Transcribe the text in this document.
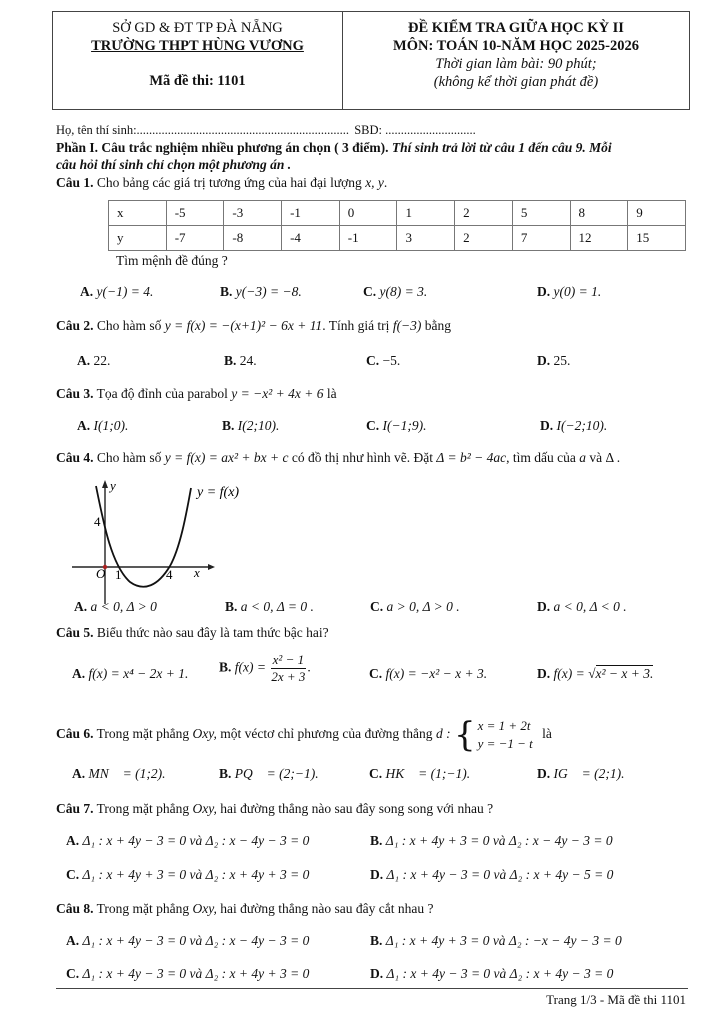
SỞ GD & ĐT TP ĐÀ NẴNG
TRƯỜNG THPT HÙNG VƯƠNG
Mã đề thi: 1101
ĐỀ KIỂM TRA GIỮA HỌC KỲ II
MÔN: TOÁN 10-NĂM HỌC 2025-2026
Thời gian làm bài: 90 phút;
(không kể thời gian phát đề)
Họ, tên thí sinh:.................................................................... SBD: .............................
Phần I. Câu trắc nghiệm nhiều phương án chọn ( 3 điểm). Thí sinh trả lời từ câu 1 đến câu 9. Mỗi
câu hỏi thí sinh chỉ chọn một phương án .
Câu 1. Cho bảng các giá trị tương ứng của hai đại lượng x, y.
x	-5	-3	-1	0	1	2	5	8	9
y	-7	-8	-4	-1	3	2	7	12	15
Tìm mệnh đề đúng ?
A. y(−1) = 4.	B. y(−3) = −8.	C. y(8) = 3.	D. y(0) = 1.
Câu 2. Cho hàm số y = f(x) = −(x+1)² − 6x + 11. Tính giá trị f(−3) bằng
A. 22.	B. 24.	C. −5.	D. 25.
Câu 3. Tọa độ đỉnh của parabol y = −x² + 4x + 6 là
A. I(1;0).	B. I(2;10).	C. I(−1;9).	D. I(−2;10).
Câu 4. Cho hàm số y = f(x) = ax² + bx + c có đồ thị như hình vẽ. Đặt Δ = b² − 4ac, tìm dấu của a và Δ .
O 1	4
4
x
y	y = f(x)
A. a < 0, Δ > 0	B. a < 0, Δ = 0 .	C. a > 0, Δ > 0 .	D. a < 0, Δ < 0 .
Câu 5. Biểu thức nào sau đây là tam thức bậc hai?
A. f(x) = x⁴ − 2x + 1. B. $f(x) = \frac{\text{x² − 1}}{2x + 3}$ .	C. f(x) = −x² − x + 3.	D. f(x) = √x² − x + 3.
Câu 6. Trong mặt phẳng Oxy, một véctơ chỉ phương của đường thẳng d : { x = 1 + 2t
y = −1 − t
là
A. MN⃗ = (1;2).	B. PQ⃗ = (2;−1).	C. HK⃗ = (1;−1).	D. IG⃗ = (2;1).
Câu 7. Trong mặt phẳng Oxy, hai đường thẳng nào sau đây song song với nhau ?
A. Δ₁ : x + 4y − 3 = 0 và Δ₂ : x − 4y − 3 = 0	B. Δ₁ : x + 4y + 3 = 0 và Δ₂ : x − 4y − 3 = 0
C. Δ₁ : x + 4y + 3 = 0 và Δ₂ : x + 4y + 3 = 0	D. Δ₁ : x + 4y − 3 = 0 và Δ₂ : x + 4y − 5 = 0
Câu 8. Trong mặt phẳng Oxy, hai đường thẳng nào sau đây cắt nhau ?
A. Δ₁ : x + 4y − 3 = 0 và Δ₂ : x − 4y − 3 = 0	B. Δ₁ : x + 4y + 3 = 0 và Δ₂ : −x − 4y − 3 = 0
C. Δ₁ : x + 4y − 3 = 0 và Δ₂ : x + 4y + 3 = 0	D. Δ₁ : x + 4y − 3 = 0 và Δ₂ : x + 4y − 3 = 0
Trang 1/3 - Mã đề thi 1101
